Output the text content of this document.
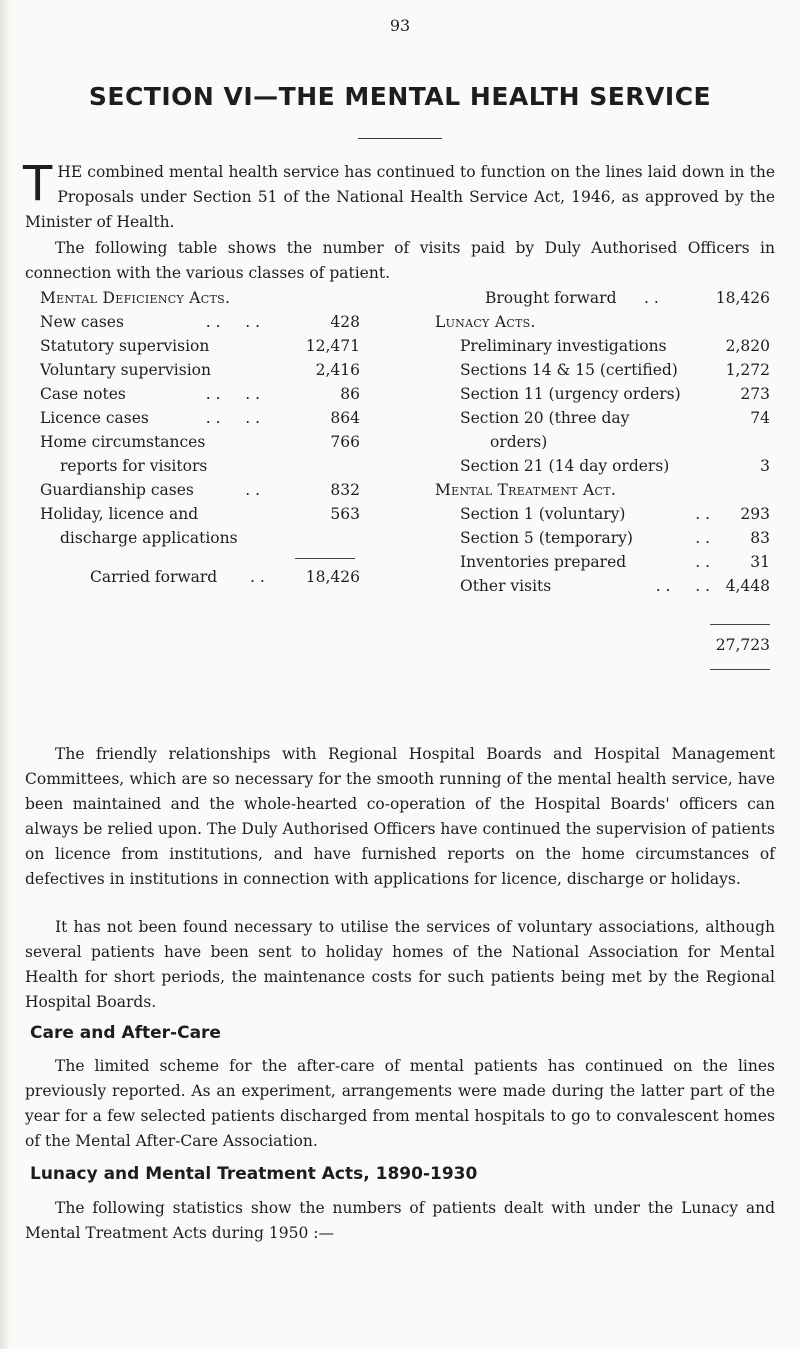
93
SECTION VI—THE MENTAL HEALTH SERVICE
THE combined mental health service has continued to function on the lines laid down in the Proposals under Section 51 of the National Health Service Act, 1946, as approved by the Minister of Health.
The following table shows the number of visits paid by Duly Authorised Officers in connection with the various classes of patient.
Mental Deficiency Acts.
New cases	. .     . .	428
Statutory supervision	12,471
Voluntary supervision	2,416
Case notes	. .     . .	86
Licence cases	. .     . .	864
Home circumstances	766
reports for visitors
Guardianship cases	. .	832
Holiday, licence and	563
discharge applications
Carried forward . .	18,426
Brought forward . .	18,426
Lunacy Acts.
Preliminary investigations	2,820
Sections 14 & 15 (certified)	1,272
Section 11 (urgency orders)	273
Section 20 (three day	74
orders)
Section 21 (14 day orders)	3
Mental Treatment Act.
Section 1 (voluntary)	. . 293
Section 5 (temporary)	. .	83
Inventories prepared	. .	31
Other visits	. .     . . 4,448
27,723
The friendly relationships with Regional Hospital Boards and Hospital Management Committees, which are so necessary for the smooth running of the mental health service, have been maintained and the whole-hearted co-operation of the Hospital Boards' officers can always be relied upon. The Duly Authorised Officers have continued the supervision of patients on licence from institutions, and have furnished reports on the home circumstances of defectives in institutions in connection with applications for licence, discharge or holidays.
It has not been found necessary to utilise the services of voluntary associations, although several patients have been sent to holiday homes of the National Association for Mental Health for short periods, the maintenance costs for such patients being met by the Regional Hospital Boards.
Care and After-Care
The limited scheme for the after-care of mental patients has continued on the lines previously reported. As an experiment, arrangements were made during the latter part of the year for a few selected patients discharged from mental hospitals to go to convalescent homes of the Mental After-Care Association.
Lunacy and Mental Treatment Acts, 1890-1930
The following statistics show the numbers of patients dealt with under the Lunacy and Mental Treatment Acts during 1950 :—
